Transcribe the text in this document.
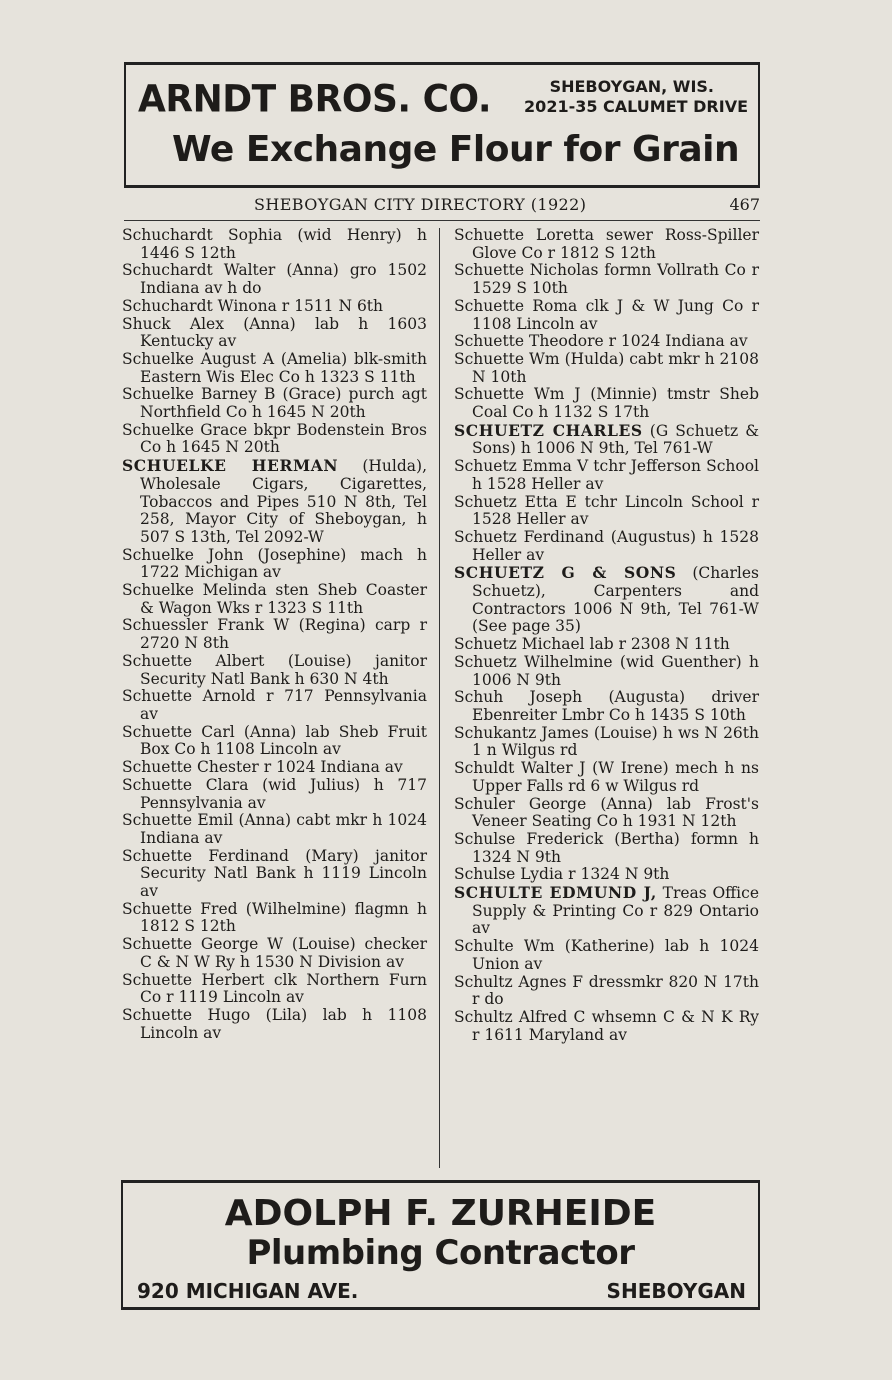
ARNDT BROS. CO.	SHEBOYGAN, WIS.
2021-35 CALUMET DRIVE
We Exchange Flour for Grain
SHEBOYGAN CITY DIRECTORY (1922)	467

Schuchardt Sophia (wid Henry) h 1446 S 12th

Schuchardt Walter (Anna) gro 1502 Indiana av h do

Schuchardt Winona r 1511 N 6th

Shuck Alex (Anna) lab h 1603 Kentucky av

Schuelke August A (Amelia) blk-smith Eastern Wis Elec Co h 1323 S 11th

Schuelke Barney B (Grace) purch agt Northfield Co h 1645 N 20th

Schuelke Grace bkpr Bodenstein Bros Co h 1645 N 20th

SCHUELKE HERMAN (Hulda), Wholesale Cigars, Cigarettes, Tobaccos and Pipes 510 N 8th, Tel 258, Mayor City of Sheboygan, h 507 S 13th, Tel 2092-W

Schuelke John (Josephine) mach h 1722 Michigan av

Schuelke Melinda sten Sheb Coaster & Wagon Wks r 1323 S 11th

Schuessler Frank W (Regina) carp r 2720 N 8th

Schuette Albert (Louise) janitor Security Natl Bank h 630 N 4th

Schuette Arnold r 717 Pennsylvania av

Schuette Carl (Anna) lab Sheb Fruit Box Co h 1108 Lincoln av

Schuette Chester r 1024 Indiana av

Schuette Clara (wid Julius) h 717 Pennsylvania av

Schuette Emil (Anna) cabt mkr h 1024 Indiana av

Schuette Ferdinand (Mary) janitor Security Natl Bank h 1119 Lincoln av

Schuette Fred (Wilhelmine) flagmn h 1812 S 12th

Schuette George W (Louise) checker C & N W Ry h 1530 N Division av

Schuette Herbert clk Northern Furn Co r 1119 Lincoln av

Schuette Hugo (Lila) lab h 1108 Lincoln av

Schuette Loretta sewer Ross-Spiller Glove Co r 1812 S 12th

Schuette Nicholas formn Vollrath Co r 1529 S 10th

Schuette Roma clk J & W Jung Co r 1108 Lincoln av

Schuette Theodore r 1024 Indiana av

Schuette Wm (Hulda) cabt mkr h 2108 N 10th

Schuette Wm J (Minnie) tmstr Sheb Coal Co h 1132 S 17th

SCHUETZ CHARLES (G Schuetz & Sons) h 1006 N 9th, Tel 761-W

Schuetz Emma V tchr Jefferson School h 1528 Heller av

Schuetz Etta E tchr Lincoln School r 1528 Heller av

Schuetz Ferdinand (Augustus) h 1528 Heller av

SCHUETZ G & SONS (Charles Schuetz), Carpenters and Contractors 1006 N 9th, Tel 761-W (See page 35)

Schuetz Michael lab r 2308 N 11th

Schuetz Wilhelmine (wid Guenther) h 1006 N 9th

Schuh Joseph (Augusta) driver Ebenreiter Lmbr Co h 1435 S 10th

Schukantz James (Louise) h ws N 26th 1 n Wilgus rd

Schuldt Walter J (W Irene) mech h ns Upper Falls rd 6 w Wilgus rd

Schuler George (Anna) lab Frost's Veneer Seating Co h 1931 N 12th

Schulse Frederick (Bertha) formn h 1324 N 9th

Schulse Lydia r 1324 N 9th

SCHULTE EDMUND J, Treas Office Supply & Printing Co r 829 Ontario av

Schulte Wm (Katherine) lab h 1024 Union av

Schultz Agnes F dressmkr 820 N 17th r do

Schultz Alfred C whsemn C & N K Ry r 1611 Maryland av

ADOLPH F. ZURHEIDE
Plumbing Contractor
920 MICHIGAN AVE.	SHEBOYGAN
